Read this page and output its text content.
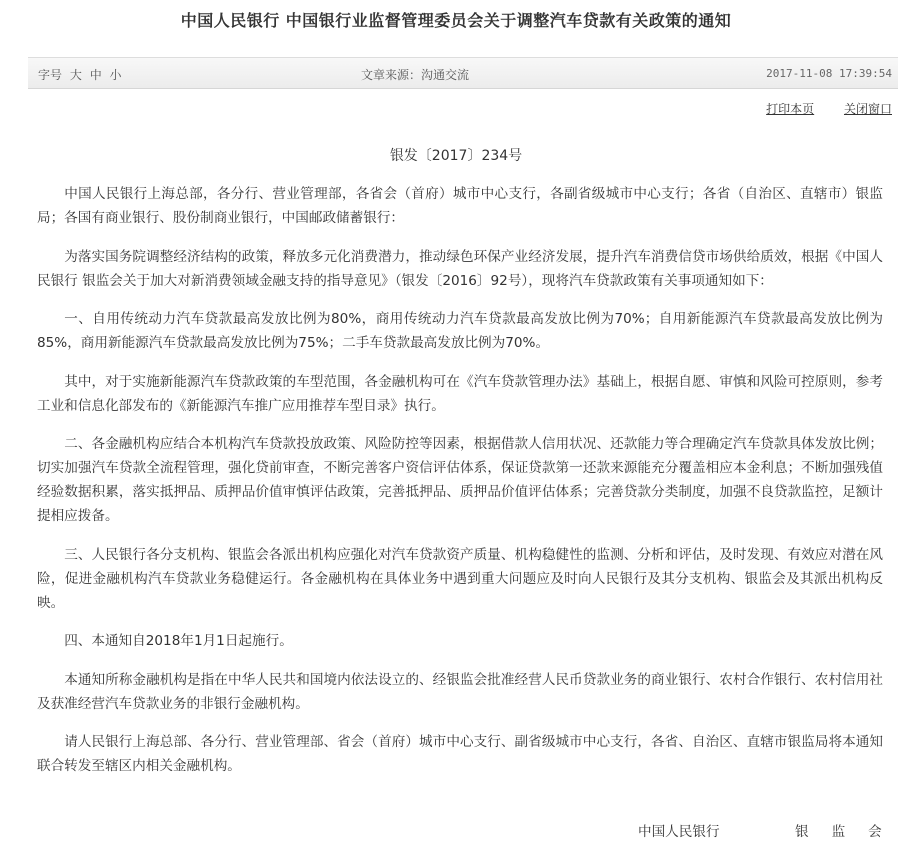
中国人民银行 中国银行业监督管理委员会关于调整汽车贷款有关政策的通知
字号 大 中 小	文章来源：沟通交流	2017-11-08 17:39:54
打印本页 关闭窗口
银发〔2017〕234号

中国人民银行上海总部，各分行、营业管理部，各省会（首府）城市中心支行，各副省级城市中心支行；各省（自治区、直辖市）银监局；各国有商业银行、股份制商业银行，中国邮政储蓄银行：

为落实国务院调整经济结构的政策，释放多元化消费潜力，推动绿色环保产业经济发展，提升汽车消费信贷市场供给质效，根据《中国人民银行 银监会关于加大对新消费领域金融支持的指导意见》（银发〔2016〕92号），现将汽车贷款政策有关事项通知如下：

一、自用传统动力汽车贷款最高发放比例为80%，商用传统动力汽车贷款最高发放比例为70%；自用新能源汽车贷款最高发放比例为85%，商用新能源汽车贷款最高发放比例为75%；二手车贷款最高发放比例为70%。

其中，对于实施新能源汽车贷款政策的车型范围，各金融机构可在《汽车贷款管理办法》基础上，根据自愿、审慎和风险可控原则，参考工业和信息化部发布的《新能源汽车推广应用推荐车型目录》执行。

二、各金融机构应结合本机构汽车贷款投放政策、风险防控等因素，根据借款人信用状况、还款能力等合理确定汽车贷款具体发放比例；切实加强汽车贷款全流程管理，强化贷前审查，不断完善客户资信评估体系，保证贷款第一还款来源能充分覆盖相应本金利息；不断加强残值经验数据积累，落实抵押品、质押品价值审慎评估政策，完善抵押品、质押品价值评估体系；完善贷款分类制度，加强不良贷款监控，足额计提相应拨备。

三、人民银行各分支机构、银监会各派出机构应强化对汽车贷款资产质量、机构稳健性的监测、分析和评估，及时发现、有效应对潜在风险，促进金融机构汽车贷款业务稳健运行。各金融机构在具体业务中遇到重大问题应及时向人民银行及其分支机构、银监会及其派出机构反映。

四、本通知自2018年1月1日起施行。

本通知所称金融机构是指在中华人民共和国境内依法设立的、经银监会批准经营人民币贷款业务的商业银行、农村合作银行、农村信用社及获准经营汽车贷款业务的非银行金融机构。

请人民银行上海总部、各分行、营业管理部、省会（首府）城市中心支行、副省级城市中心支行，各省、自治区、直辖市银监局将本通知联合转发至辖区内相关金融机构。

中国人民银行	银监会
